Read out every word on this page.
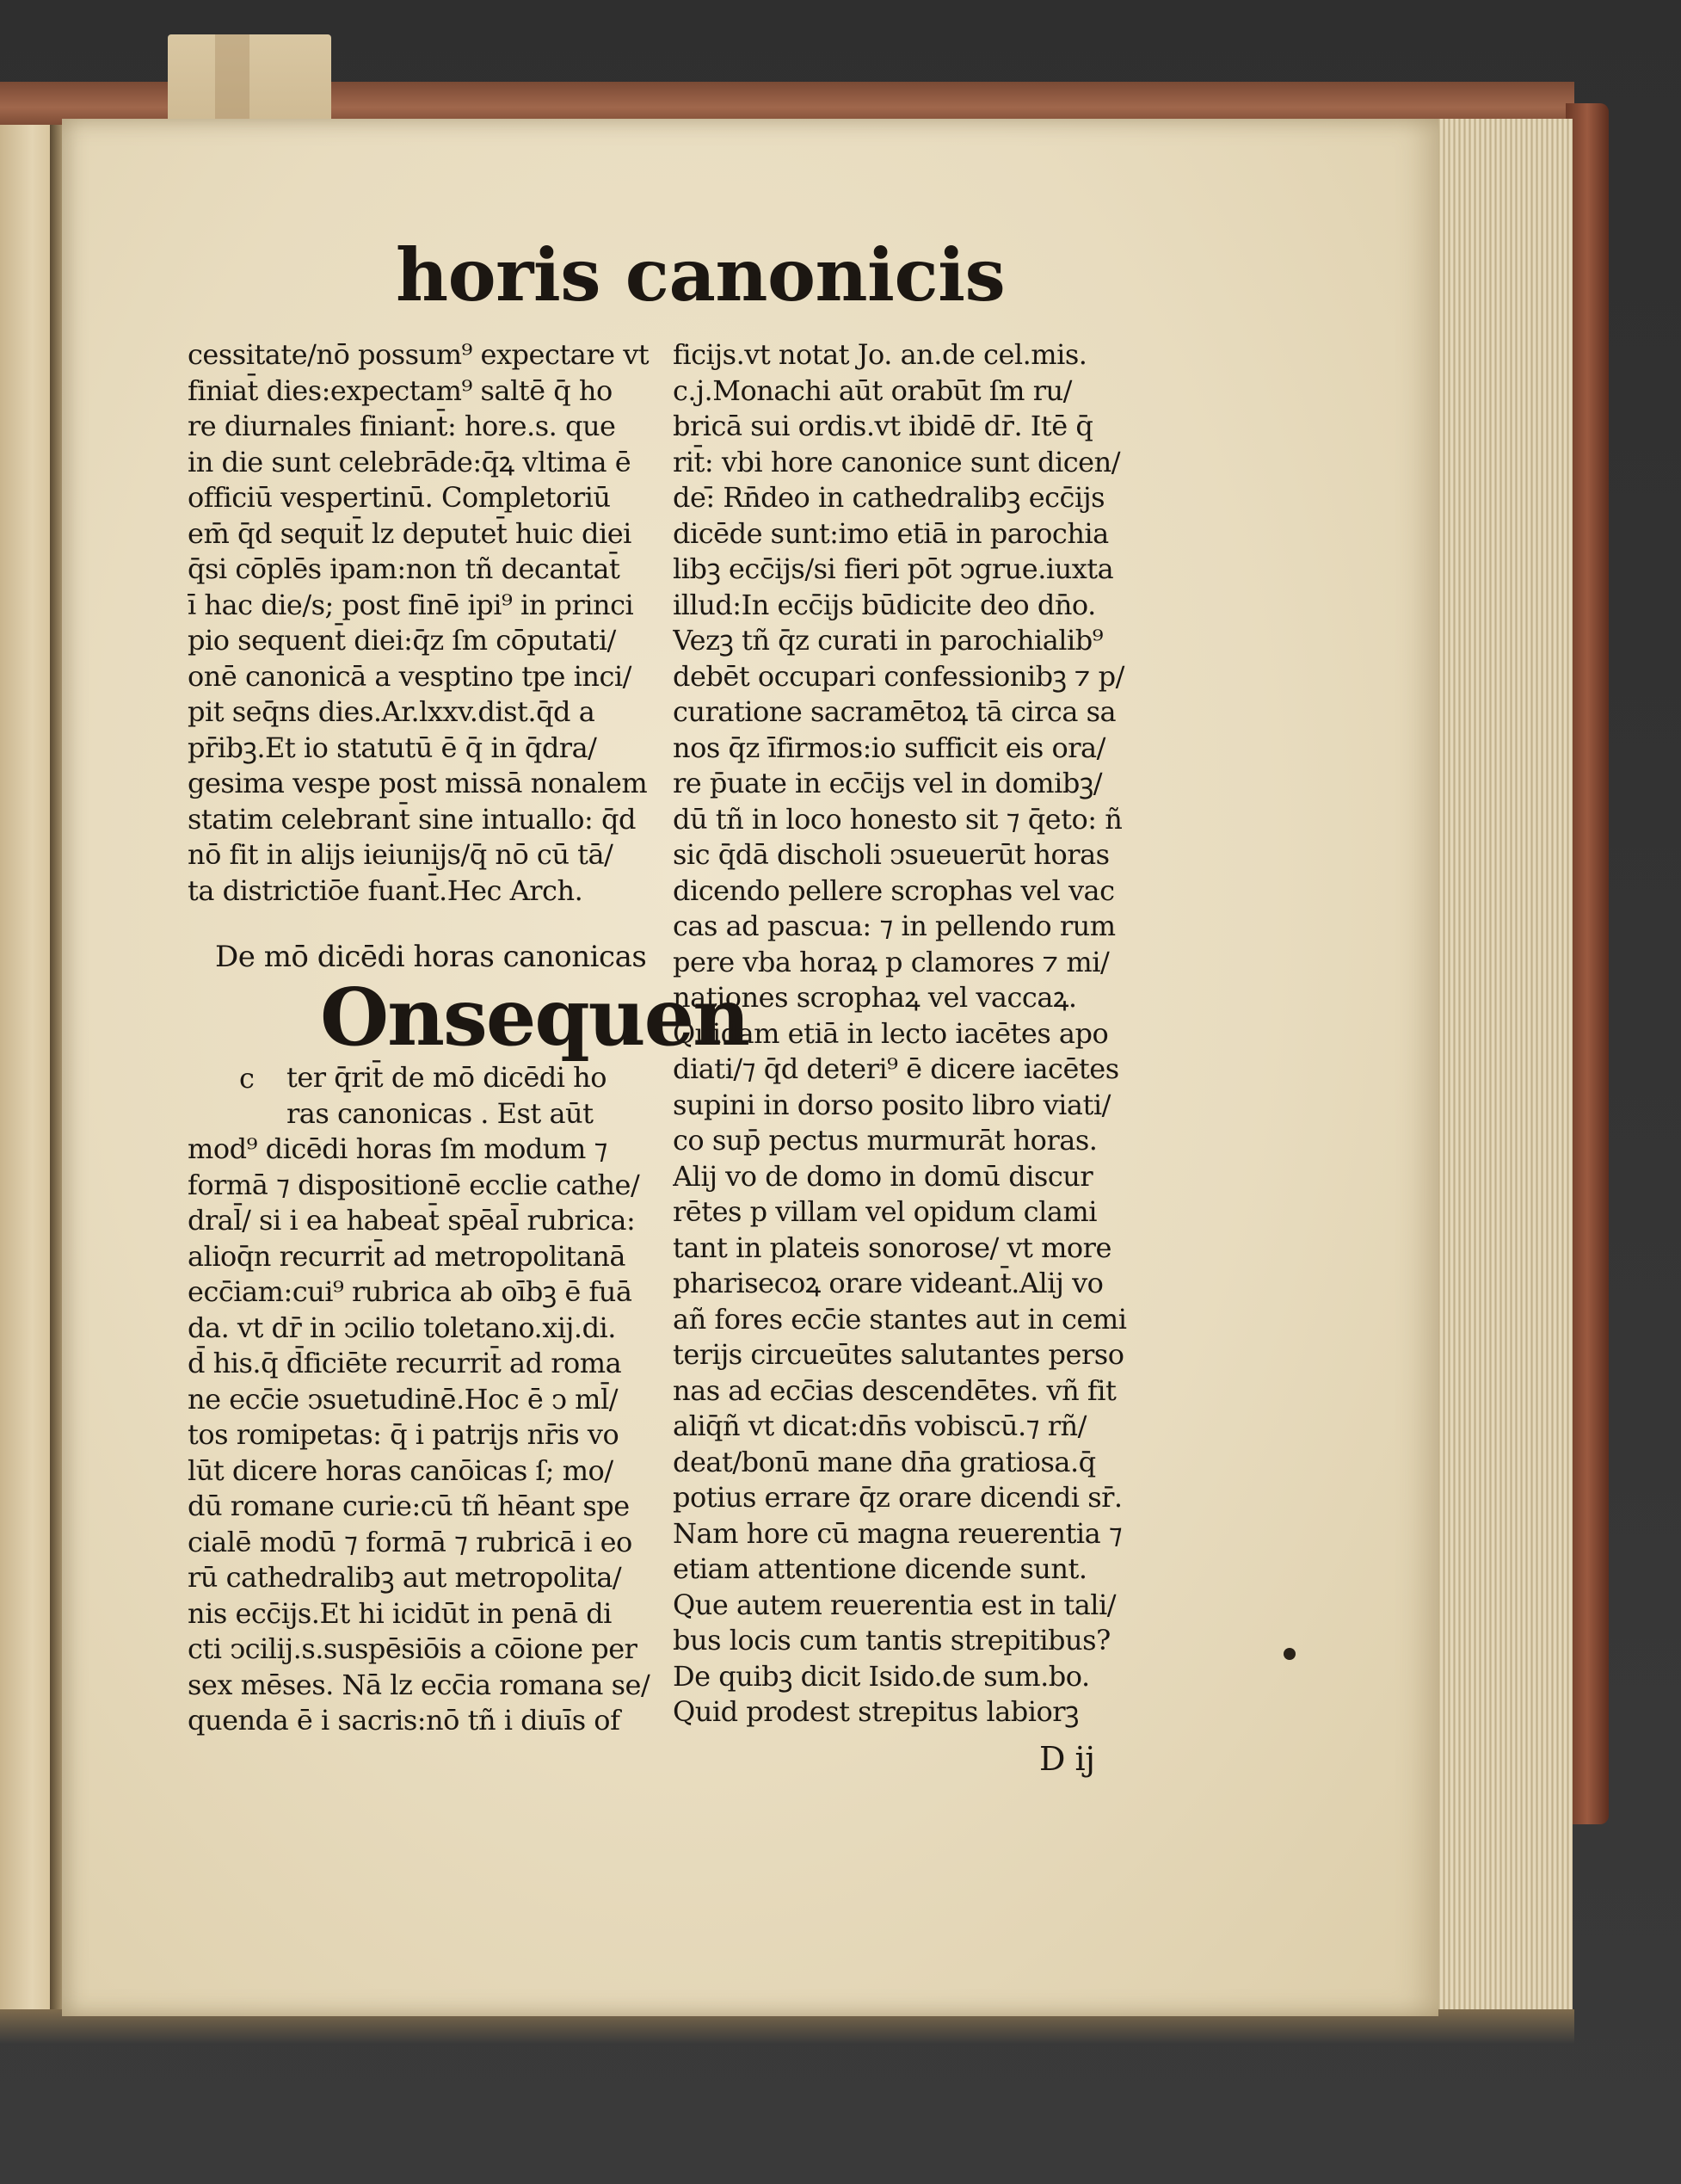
horis canonicis
cessitate/nō possum⁹ expectare vt
finiat̄ dies:expectam⁹ saltē q̄ ho
re diurnales finiant̄: hore.s. que
in die sunt celebrāde:q̄ꝝ vltima ē
officiū vespertinū. Completoriū
em̄ q̄d sequit̄ lz deputet̄ huic diei
q̄si cōplēs ipam:non tñ decantat̄
ī hac die/s; post finē ipi⁹ in princi
pio sequent̄ diei:q̄z ſm cōputati/
onē canonicā a vesptino tpe inci/
pit seq̄ns dies.Ar.lxxv.dist.q̄d a
pr̄ibꝫ.Et io statutū ē q̄ in q̄dra/
gesima vespe post missā nonalem
statim celebrant̄ sine intuallo: q̄d
nō fit in alijs ieiunijs/q̄ nō cū tā/
ta districtiōe fuant̄.Hec Arch.
De mō dicēdi horas canonicas
Onsequen
c	ter q̄rit̄ de mō dicēdi ho
ras canonicas . Est aūt
mod⁹ dicēdi horas ſm modum ⁊
formā ⁊ dispositionē ecclie cathe/
dral̄/ si i ea habeat̄ spēal̄ rubrica:
alioq̄n recurrit̄ ad metropolitanā
ecc̄iam:cui⁹ rubrica ab oībꝫ ē fuā
da. vt dr̄ in ↄcilio toletano.xij.di.
d̄ his.q̄ d̄ficiēte recurrit̄ ad roma
ne ecc̄ie ↄsuetudinē.Hoc ē ↄ ml̄/
tos romipetas: q̄ i patrijs nr̄is vo
lūt dicere horas canōicas ſ; mo/
dū romane curie:cū tñ hēant spe
cialē modū ⁊ formā ⁊ rubricā i eo
rū cathedralibꝫ aut metropolita/
nis ecc̄ijs.Et hi icidūt in penā di
cti ↄcilij.s.suspēsiōis a cōione per
sex mēses. Nā lz ecc̄ia romana se/
quenda ē i sacris:nō tñ i diuīs of
ficijs.vt notat Jo. an.de cel.mis.
c.j.Monachi aūt orabūt ſm ru/
bricā sui ordis.vt ibidē dr̄. Itē q̄
rit̄: vbi hore canonice sunt dicen/
de:̄ Rn̄deo in cathedralibꝫ ecc̄ijs
dicēde sunt:imo etiā in parochia
libꝫ ecc̄ijs/si fieri pōt ↄgrue.iuxta
illud:In ecc̄ijs būdicite deo dn̄o.
Vezꝫ tñ q̄z curati in parochialib⁹
debēt occupari confessionibꝫ ⁊ p/
curatione sacramētoꝝ tā circa sa
nos q̄z īfirmos:io sufficit eis ora/
re p̄uate in ecc̄ijs vel in domibꝫ/
dū tñ in loco honesto sit ⁊ q̄eto: ñ
sic q̄dā discholi ↄsueuerūt horas
dicendo pellere scrophas vel vac
cas ad pascua: ⁊ in pellendo rum
pere vba horaꝝ p clamores ⁊ mi/
nationes scrophaꝝ vel vaccaꝝ.
Quidam etiā in lecto iacētes apo
diati/⁊ q̄d deteri⁹ ē dicere iacētes
supini in dorso posito libro viati/
co sup̄ pectus murmurāt horas.
Alij vo de domo in domū discur
rētes p villam vel opidum clami
tant in plateis sonorose/ vt more
pharisecoꝝ orare videant̄.Alij vo
añ fores ecc̄ie stantes aut in cemi
terijs circueūtes salutantes perso
nas ad ecc̄ias descendētes. vñ fit
aliq̄ñ vt dicat:dn̄s vobiscū.⁊ rñ/
deat/bonū mane dn̄a gratiosa.q̄
potius errare q̄z orare dicendi sr̄.
Nam hore cū magna reuerentia ⁊
etiam attentione dicende sunt.
Que autem reuerentia est in tali/
bus locis cum tantis strepitibus?
De quibꝫ dicit Isido.de sum.bo.
Quid prodest strepitus labiorꝫ
D ij
